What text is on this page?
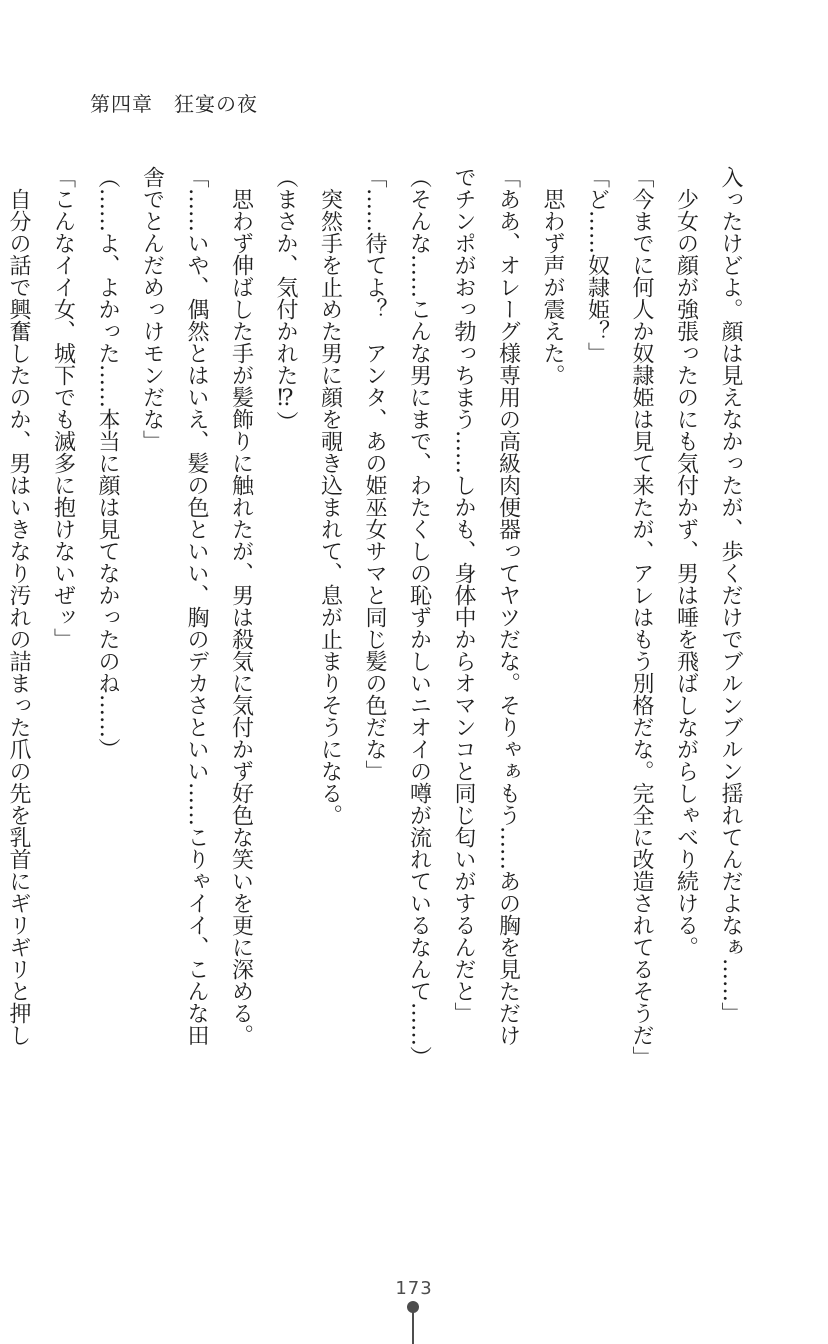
第四章　 狂宴の夜
入ったけどよ。顔は見えなかったが、歩くだけでブルンブルン揺れてんだよなぁ……」
　少女の顔が強張ったのにも気付かず、男は唾を飛ばしながらしゃべり続ける。
「今までに何人か奴隷姫は見て来たが、アレはもう別格だな。完全に改造されてるそうだ」
「ど……奴隷姫？」
　思わず声が震えた。
「ああ、オレーグ様専用の高級肉便器ってヤツだな。そりゃぁもう……あの胸を見ただけ
でチンポがおっ勃っちまう……しかも、身体中からオマンコと同じ匂いがするんだと」
（そんな……こんな男にまで、わたくしの恥ずかしいニオイの噂が流れているなんて……）
「……待てよ？　アンタ、あの姫巫女サマと同じ髪の色だな」
　突然手を止めた男に顔を覗き込まれて、息が止まりそうになる。
（まさか、気付かれた⁉）
　思わず伸ばした手が髪飾りに触れたが、男は殺気に気付かず好色な笑いを更に深める。
「……いや、偶然とはいえ、髪の色といい、胸のデカさといい……こりゃイイ、こんな田
舎でとんだめっけモンだな」
（……よ、よかった……本当に顔は見てなかったのね……）
「こんなイイ女、城下でも滅多に抱けないぜッ」
　自分の話で興奮したのか、男はいきなり汚れの詰まった爪の先を乳首にギリギリと押し
173
